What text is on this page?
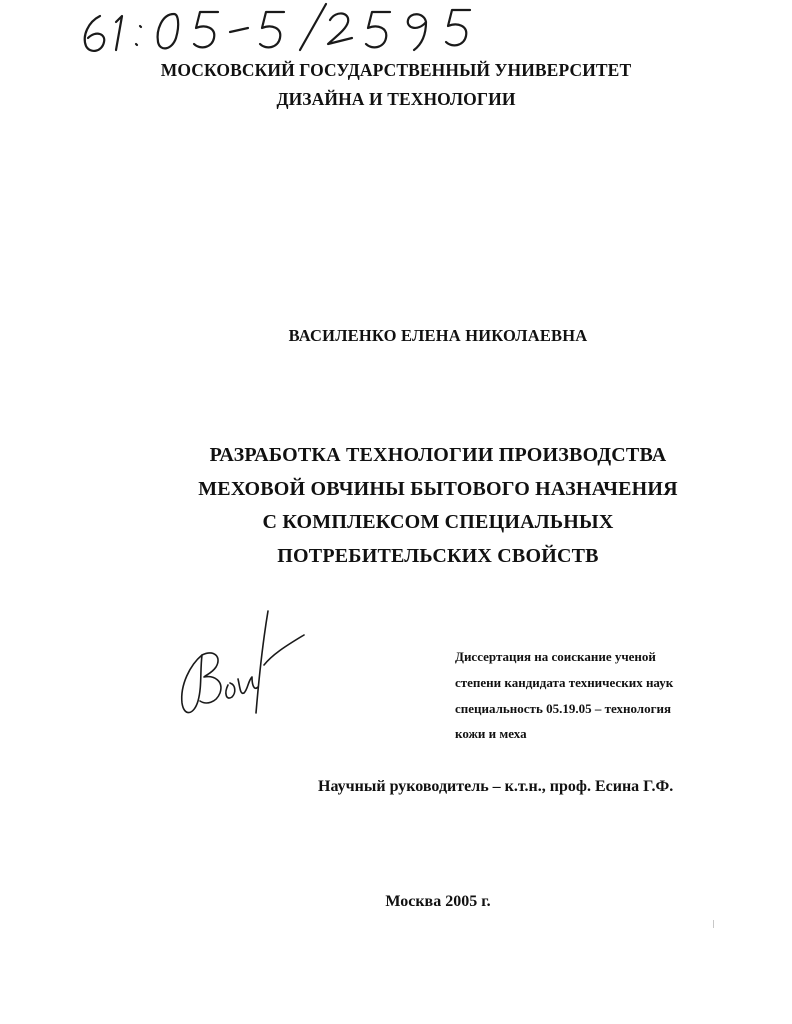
МОСКОВСКИЙ ГОСУДАРСТВЕННЫЙ УНИВЕРСИТЕТ
ДИЗАЙНА И ТЕХНОЛОГИИ
ВАСИЛЕНКО ЕЛЕНА НИКОЛАЕВНА
РАЗРАБОТКА ТЕХНОЛОГИИ ПРОИЗВОДСТВА
МЕХОВОЙ ОВЧИНЫ БЫТОВОГО НАЗНАЧЕНИЯ
С КОМПЛЕКСОМ СПЕЦИАЛЬНЫХ
ПОТРЕБИТЕЛЬСКИХ СВОЙСТВ
Диссертация на соискание ученой
степени кандидата технических наук
специальность 05.19.05 – технология
кожи и меха
Научный руководитель – к.т.н., проф. Есина Г.Ф.
Москва 2005 г.
